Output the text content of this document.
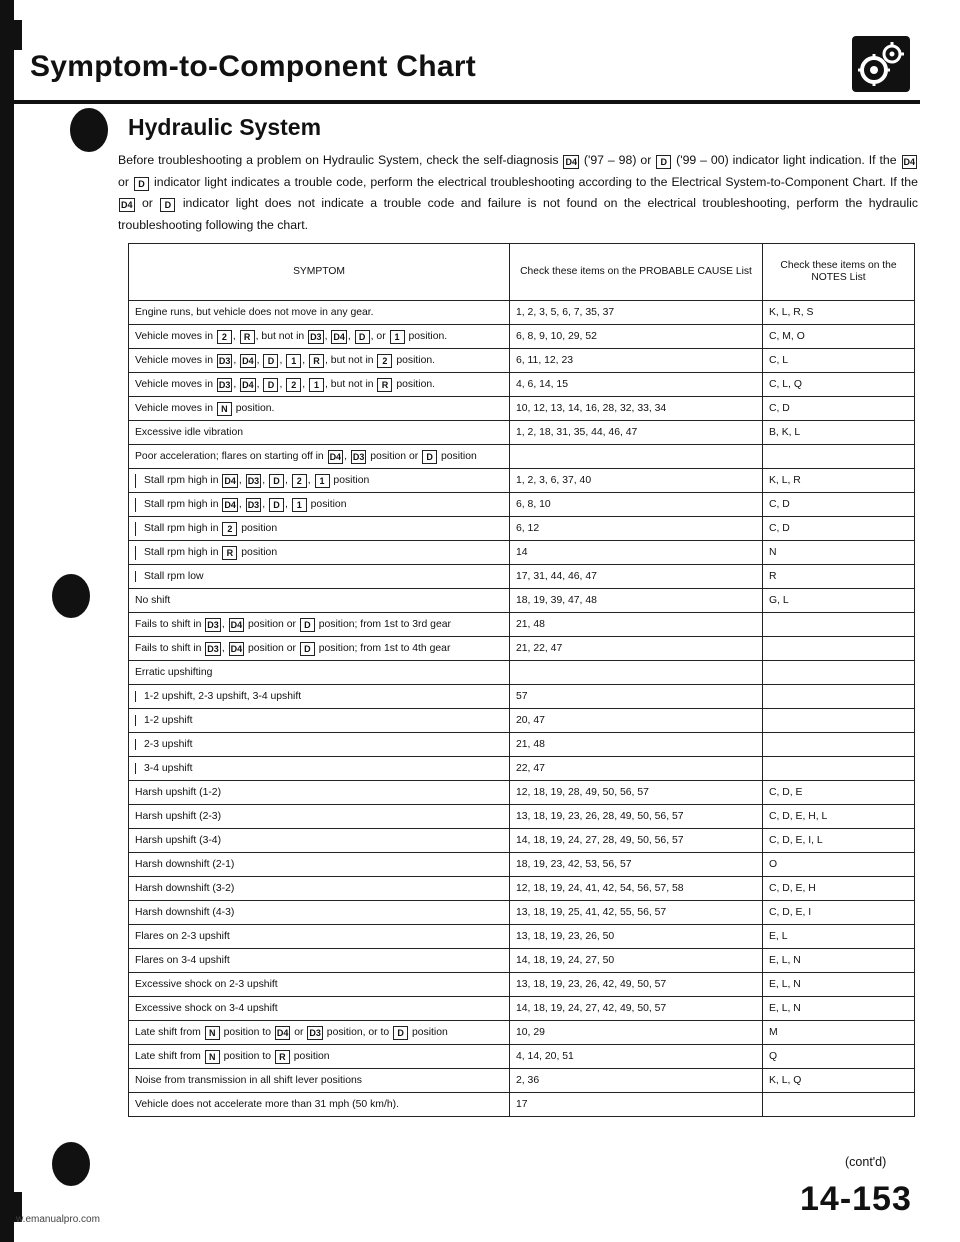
Symptom-to-Component Chart
Hydraulic System
Before troubleshooting a problem on Hydraulic System, check the self-diagnosis D4 ('97 – 98) or D ('99 – 00) indicator light indication. If the D4 or D indicator light indicates a trouble code, perform the electrical troubleshooting according to the Electrical System-to-Component Chart. If the D4 or D indicator light does not indicate a trouble code and failure is not found on the electrical troubleshooting, perform the hydraulic troubleshooting following the chart.
SYMPTOM	Check these items on the PROBABLE CAUSE List	Check these items on the NOTES List
Engine runs, but vehicle does not move in any gear.	1, 2, 3, 5, 6, 7, 35, 37	K, L, R, S
Vehicle moves in 2 , R , but not in D3 , D4 , D , or 1 position.	6, 8, 9, 10, 29, 52	C, M, O
Vehicle moves in D3 , D4 , D , 1 , R , but not in 2 position.	6, 11, 12, 23	C, L
Vehicle moves in D3 , D4 , D , 2 , 1 , but not in R position.	4, 6, 14, 15	C, L, Q
Vehicle moves in N position.	10, 12, 13, 14, 16, 28, 32, 33, 34	C, D
Excessive idle vibration	1, 2, 18, 31, 35, 44, 46, 47	B, K, L
Poor acceleration; flares on starting off in D4 , D3 position or D position		
Stall rpm high in D4 , D3 , D , 2 , 1 position	1, 2, 3, 6, 37, 40	K, L, R
Stall rpm high in D4 , D3 , D , 1 position	6, 8, 10	C, D
Stall rpm high in 2 position	6, 12	C, D
Stall rpm high in R position	14	N
Stall rpm low	17, 31, 44, 46, 47	R
No shift	18, 19, 39, 47, 48	G, L
Fails to shift in D3 , D4 position or D position; from 1st to 3rd gear	21, 48	
Fails to shift in D3 , D4 position or D position; from 1st to 4th gear	21, 22, 47	
Erratic upshifting		
1-2 upshift, 2-3 upshift, 3-4 upshift	57	
1-2 upshift	20, 47	
2-3 upshift	21, 48	
3-4 upshift	22, 47	
Harsh upshift (1-2)	12, 18, 19, 28, 49, 50, 56, 57	C, D, E
Harsh upshift (2-3)	13, 18, 19, 23, 26, 28, 49, 50, 56, 57	C, D, E, H, L
Harsh upshift (3-4)	14, 18, 19, 24, 27, 28, 49, 50, 56, 57	C, D, E, I, L
Harsh downshift (2-1)	18, 19, 23, 42, 53, 56, 57	O
Harsh downshift (3-2)	12, 18, 19, 24, 41, 42, 54, 56, 57, 58	C, D, E, H
Harsh downshift (4-3)	13, 18, 19, 25, 41, 42, 55, 56, 57	C, D, E, I
Flares on 2-3 upshift	13, 18, 19, 23, 26, 50	E, L
Flares on 3-4 upshift	14, 18, 19, 24, 27, 50	E, L, N
Excessive shock on 2-3 upshift	13, 18, 19, 23, 26, 42, 49, 50, 57	E, L, N
Excessive shock on 3-4 upshift	14, 18, 19, 24, 27, 42, 49, 50, 57	E, L, N
Late shift from N position to D4 or D3 position, or to D position	10, 29	M
Late shift from N position to R position	4, 14, 20, 51	Q
Noise from transmission in all shift lever positions	2, 36	K, L, Q
Vehicle does not accelerate more than 31 mph (50 km/h).	17	
(cont'd)
14-153
w.emanualpro.com
